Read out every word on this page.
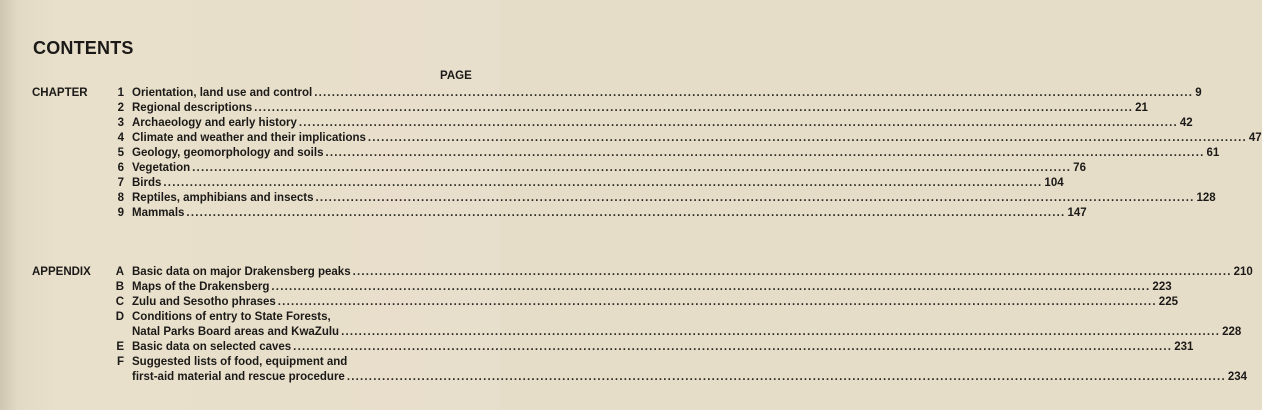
CONTENTS
PAGE
CHAPTER	1 Orientation, land use and control ........................................................................................................................................................................................................ 9
2 Regional descriptions ........................................................................................................................................................................................................ 21
3 Archaeology and early history ........................................................................................................................................................................................................ 42
4 Climate and weather and their implications ........................................................................................................................................................................................................ 47
5 Geology, geomorphology and soils ........................................................................................................................................................................................................ 61
6 Vegetation ........................................................................................................................................................................................................ 76
7 Birds ........................................................................................................................................................................................................ 104
8 Reptiles, amphibians and insects ........................................................................................................................................................................................................ 128
9 Mammals ........................................................................................................................................................................................................ 147
APPENDIX	A Basic data on major Drakensberg peaks ........................................................................................................................................................................................................ 210
B Maps of the Drakensberg ........................................................................................................................................................................................................ 223
C Zulu and Sesotho phrases ........................................................................................................................................................................................................ 225
D Conditions of entry to State Forests,
Natal Parks Board areas and KwaZulu ........................................................................................................................................................................................................ 228
E Basic data on selected caves ........................................................................................................................................................................................................ 231
F Suggested lists of food, equipment and
first-aid material and rescue procedure ........................................................................................................................................................................................................ 234
